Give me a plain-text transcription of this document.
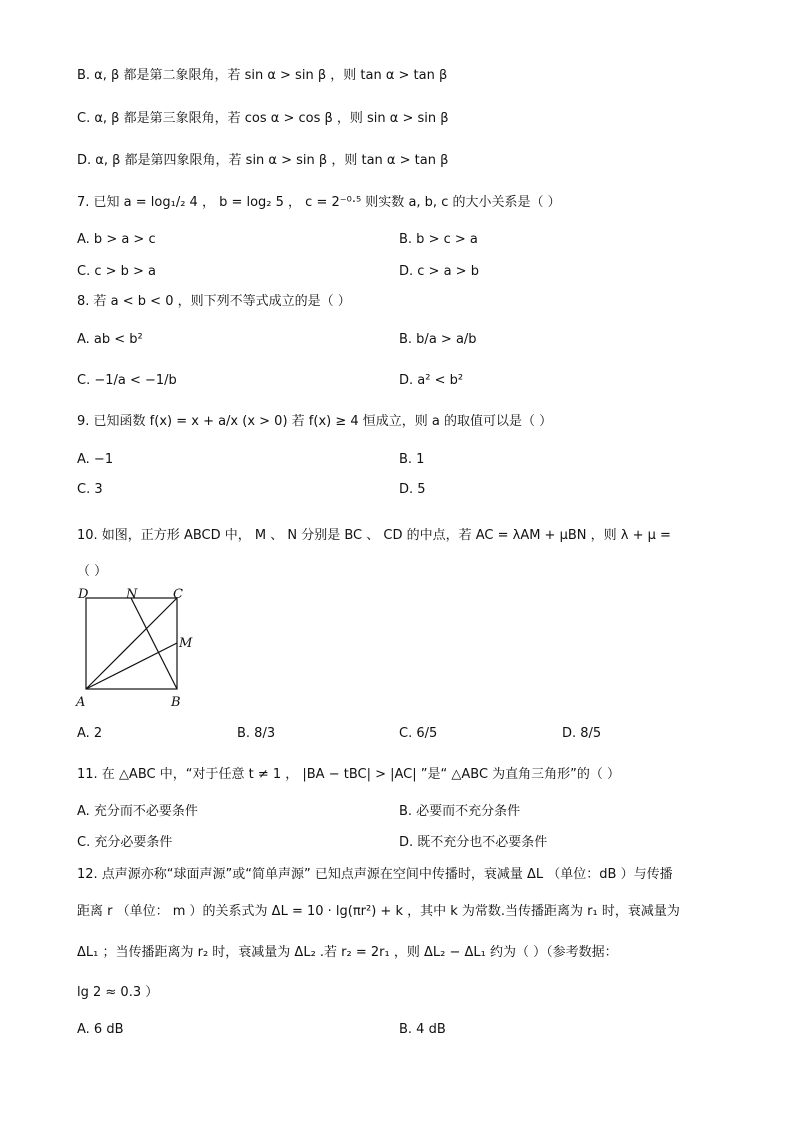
B. α, β 都是第二象限角，若 sin α > sin β ，则 tan α > tan β
C. α, β 都是第三象限角，若 cos α > cos β ，则 sin α > sin β
D. α, β 都是第四象限角，若 sin α > sin β ，则 tan α > tan β
7. 已知 a = log₁/₂ 4 ， b = log₂ 5 ， c = 2⁻⁰·⁵ 则实数 a, b, c 的大小关系是（ ）
A. b > a > c	B. b > c > a
C. c > b > a	D. c > a > b
8. 若 a < b < 0 ，则下列不等式成立的是（ ）
A. ab < b²	B. b/a > a/b
C. −1/a < −1/b	D. a² < b²
9. 已知函数 f(x) = x + a/x (x > 0) 若 f(x) ≥ 4 恒成立，则 a 的取值可以是（ ）
A. −1	B. 1
C. 3	D. 5
10. 如图，正方形 ABCD 中， M 、 N 分别是 BC 、 CD 的中点，若 AC = λAM + μBN ，则 λ + μ =
（ ）
D	N	C
M
A	B
A. 2	B. 8/3	C. 6/5	D. 8/5
11. 在 △ABC 中，“对于任意 t ≠ 1 ， |BA − tBC| > |AC| ”是“ △ABC 为直角三角形”的（ ）
A. 充分而不必要条件	B. 必要而不充分条件
C. 充分必要条件	D. 既不充分也不必要条件
12. 点声源亦称“球面声源”或“简单声源” 已知点声源在空间中传播时，衰减量 ΔL （单位：dB ）与传播
距离 r （单位： m ）的关系式为 ΔL = 10 · lg(πr²) + k ，其中 k 为常数.当传播距离为 r₁ 时，衰减量为
ΔL₁ ；当传播距离为 r₂ 时，衰减量为 ΔL₂ .若 r₂ = 2r₁ ，则 ΔL₂ − ΔL₁ 约为（ ）（参考数据：
lg 2 ≈ 0.3 ）
A. 6 dB	B. 4 dB
